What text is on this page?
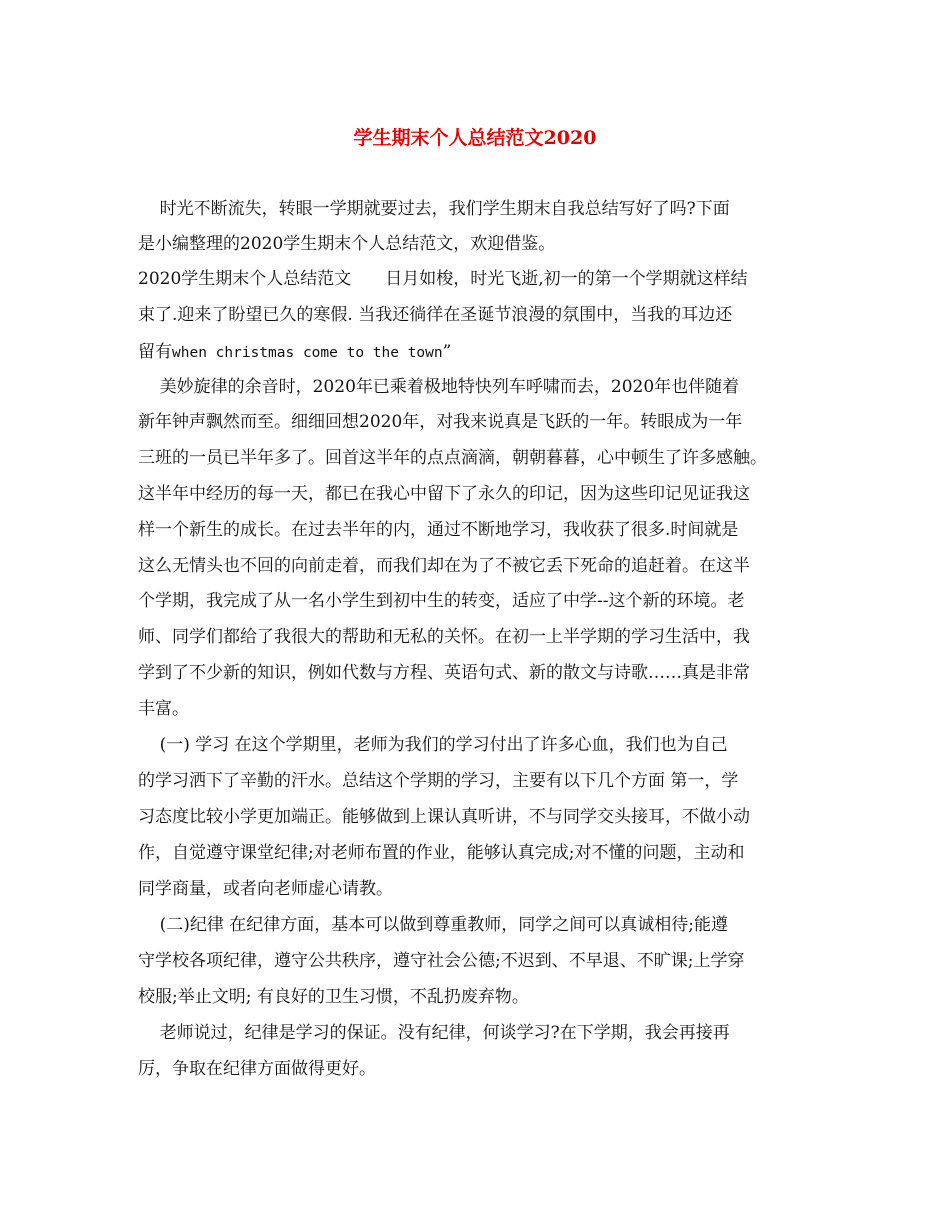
学生期末个人总结范文2020

时光不断流失，转眼一学期就要过去，我们学生期末自我总结写好了吗?下面

是小编整理的2020学生期末个人总结范文，欢迎借鉴。

2020学生期末个人总结范文　　日月如梭，时光飞逝,初一的第一个学期就这样结

束了.迎来了盼望已久的寒假. 当我还徜徉在圣诞节浪漫的氛围中，当我的耳边还

留有when christmas come to the town”

美妙旋律的余音时，2020年已乘着极地特快列车呼啸而去，2020年也伴随着

新年钟声飘然而至。细细回想2020年，对我来说真是飞跃的一年。转眼成为一年

三班的一员已半年多了。回首这半年的点点滴滴，朝朝暮暮，心中顿生了许多感触。

这半年中经历的每一天，都已在我心中留下了永久的印记，因为这些印记见证我这

样一个新生的成长。在过去半年的内，通过不断地学习，我收获了很多.时间就是

这么无情头也不回的向前走着，而我们却在为了不被它丢下死命的追赶着。在这半

个学期，我完成了从一名小学生到初中生的转变，适应了中学--这个新的环境。老

师、同学们都给了我很大的帮助和无私的关怀。在初一上半学期的学习生活中，我

学到了不少新的知识，例如代数与方程、英语句式、新的散文与诗歌……真是非常

丰富。

(一) 学习 在这个学期里，老师为我们的学习付出了许多心血，我们也为自己

的学习洒下了辛勤的汗水。总结这个学期的学习，主要有以下几个方面 第一，学

习态度比较小学更加端正。能够做到上课认真听讲，不与同学交头接耳，不做小动

作，自觉遵守课堂纪律;对老师布置的作业，能够认真完成;对不懂的问题，主动和

同学商量，或者向老师虚心请教。

(二)纪律 在纪律方面，基本可以做到尊重教师，同学之间可以真诚相待;能遵

守学校各项纪律，遵守公共秩序，遵守社会公德;不迟到、不早退、不旷课;上学穿

校服;举止文明; 有良好的卫生习惯，不乱扔废弃物。

老师说过，纪律是学习的保证。没有纪律，何谈学习?在下学期，我会再接再

厉，争取在纪律方面做得更好。
